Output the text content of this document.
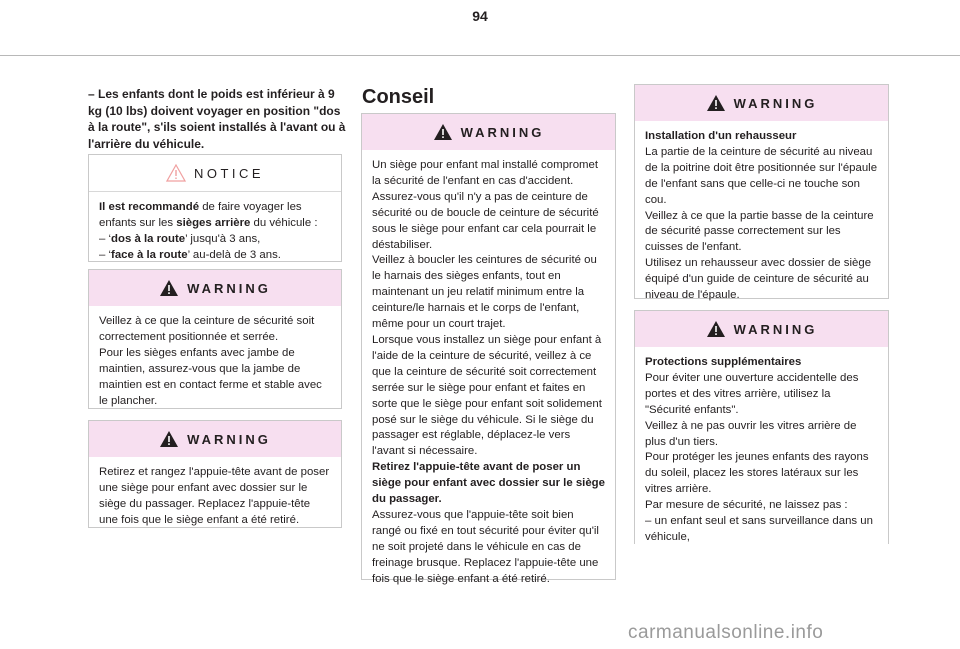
94
– Les enfants dont le poids est inférieur à 9 kg (10 lbs) doivent voyager en position "dos à la route", s'ils soient installés à l'avant ou à l'arrière du véhicule.
NOTICE

Il est recommandé de faire voyager les enfants sur les sièges arrière du véhicule :

– ‘dos à la route’ jusqu'à 3 ans,

– ‘face à la route’ au-delà de 3 ans.

WARNING

Veillez à ce que la ceinture de sécurité soit correctement positionnée et serrée.

Pour les sièges enfants avec jambe de maintien, assurez-vous que la jambe de maintien est en contact ferme et stable avec le plancher.

WARNING

Retirez et rangez l'appuie-tête avant de poser une siège pour enfant avec dossier sur le siège du passager. Replacez l'appuie-tête une fois que le siège enfant a été retiré.

Conseil
WARNING

Un siège pour enfant mal installé compromet la sécurité de l'enfant en cas d'accident.

Assurez-vous qu'il n'y a pas de ceinture de sécurité ou de boucle de ceinture de sécurité sous le siège pour enfant car cela pourrait le déstabiliser.

Veillez à boucler les ceintures de sécurité ou le harnais des sièges enfants, tout en maintenant un jeu relatif minimum entre la ceinture/le harnais et le corps de l'enfant, même pour un court trajet.

Lorsque vous installez un siège pour enfant à l'aide de la ceinture de sécurité, veillez à ce que la ceinture de sécurité soit correctement serrée sur le siège pour enfant et faites en sorte que le siège pour enfant soit solidement posé sur le siège du véhicule. Si le siège du passager est réglable, déplacez-le vers l'avant si nécessaire.

Retirez l'appuie-tête avant de poser un siège pour enfant avec dossier sur le siège du passager.

Assurez-vous que l'appuie-tête soit bien rangé ou fixé en tout sécurité pour éviter qu'il ne soit projeté dans le véhicule en cas de freinage brusque. Replacez l'appuie-tête une fois que le siège enfant a été retiré.

WARNING

Installation d'un rehausseur

La partie de la ceinture de sécurité au niveau de la poitrine doit être positionnée sur l'épaule de l'enfant sans que celle-ci ne touche son cou.

Veillez à ce que la partie basse de la ceinture de sécurité passe correctement sur les cuisses de l'enfant.

Utilisez un rehausseur avec dossier de siège équipé d'un guide de ceinture de sécurité au niveau de l'épaule.

WARNING

Protections supplémentaires

Pour éviter une ouverture accidentelle des portes et des vitres arrière, utilisez la "Sécurité enfants".

Veillez à ne pas ouvrir les vitres arrière de plus d'un tiers.

Pour protéger les jeunes enfants des rayons du soleil, placez les stores latéraux sur les vitres arrière.

Par mesure de sécurité, ne laissez pas :

– un enfant seul et sans surveillance dans un véhicule,

carmanualsonline.info
